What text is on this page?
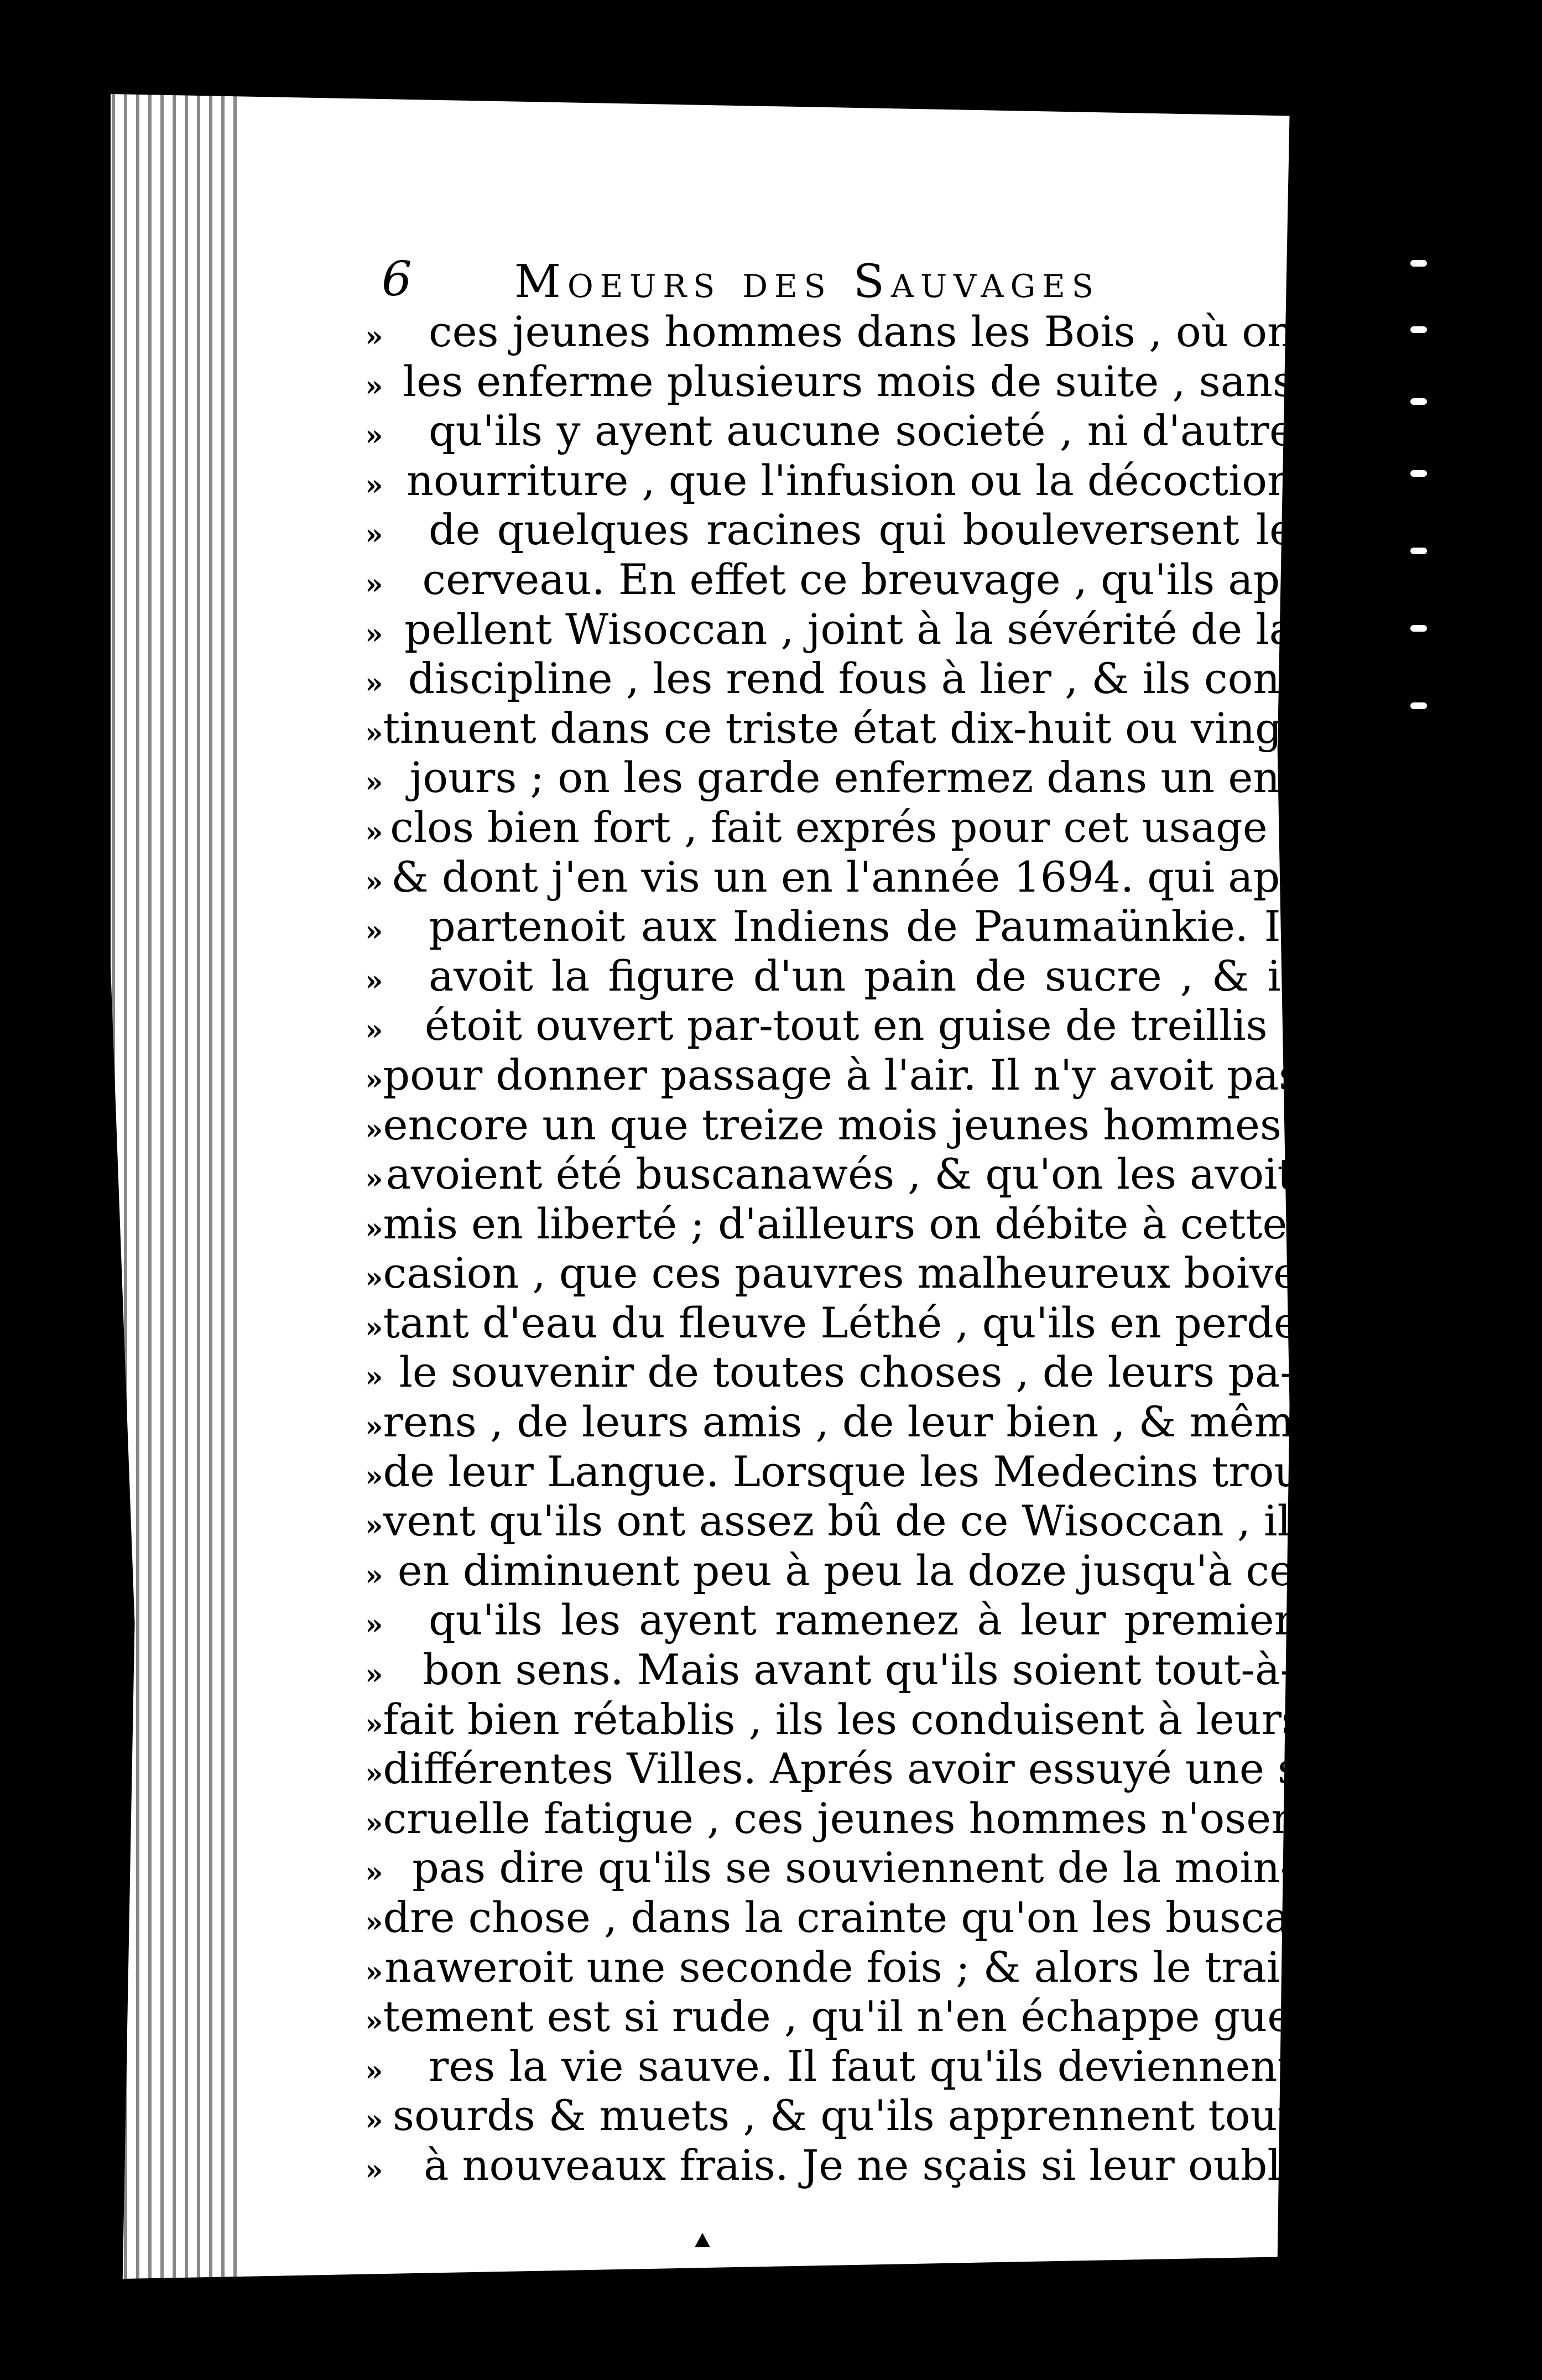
6 Moeurs des Sauvages
»	ces jeunes hommes dans les Bois , où on
» les enferme plusieurs mois de suite , sans
»	qu'ils y ayent aucune societé , ni d'autre
» nourriture , que l'infusion ou la décoction
»	de quelques racines qui bouleversent le
» cerveau. En effet ce breuvage , qu'ils ap-
» pellent Wisoccan , joint à la sévérité de la
» discipline , les rend fous à lier , & ils con-
» tinuent dans ce triste état dix-huit ou vingt
» jours ; on les garde enfermez dans un en-
» clos bien fort , fait exprés pour cet usage ,
» & dont j'en vis un en l'année 1694. qui ap-
»	partenoit aux Indiens de Paumaünkie. Il
»	avoit la figure d'un pain de sucre , & il
» étoit ouvert par-tout en guise de treillis ,
» pour donner passage à l'air. Il n'y avoit pas
» encore un que treize mois jeunes hommes y
» avoient été buscanawés , & qu'on les avoit
» mis en liberté ; d'ailleurs on débite à cette oc-
» casion , que ces pauvres malheureux boivent
» tant d'eau du fleuve Léthé , qu'ils en perdent
» le souvenir de toutes choses , de leurs pa-
» rens , de leurs amis , de leur bien , & même
» de leur Langue. Lorsque les Medecins trou-
» vent qu'ils ont assez bû de ce Wisoccan , ils
» en diminuent peu à peu la doze jusqu'à ce
»	qu'ils les ayent ramenez à leur premier
» bon sens. Mais avant qu'ils soient tout-à-
» fait bien rétablis , ils les conduisent à leurs
» différentes Villes. Aprés avoir essuyé une si
» cruelle fatigue , ces jeunes hommes n'osent
» pas dire qu'ils se souviennent de la moin-
» dre chose , dans la crainte qu'on les busca-
» naweroit une seconde fois ; & alors le trai-
» tement est si rude , qu'il n'en échappe gue-
»	res la vie sauve. Il faut qu'ils deviennent
» sourds & muets , & qu'ils apprennent tout
» à nouveaux frais. Je ne sçais si leur oubli
